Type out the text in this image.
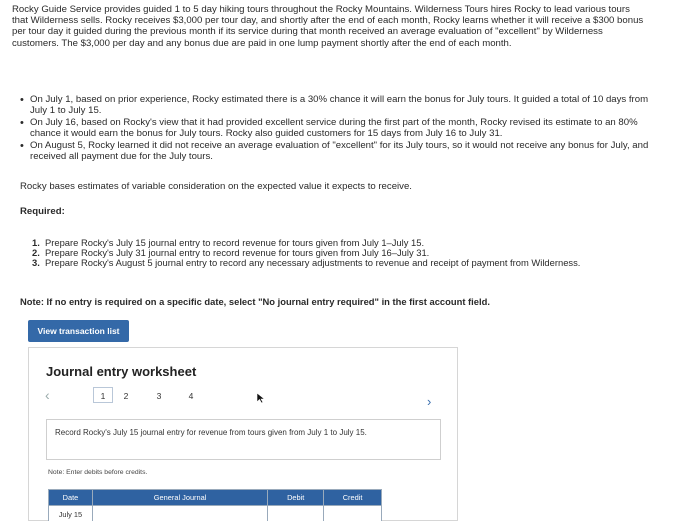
Rocky Guide Service provides guided 1 to 5 day hiking tours throughout the Rocky Mountains. Wilderness Tours hires Rocky to lead various tours that Wilderness sells. Rocky receives $3,000 per tour day, and shortly after the end of each month, Rocky learns whether it will receive a $300 bonus per tour day it guided during the previous month if its service during that month received an average evaluation of "excellent" by Wilderness customers. The $3,000 per day and any bonus due are paid in one lump payment shortly after the end of each month.
• On July 1, based on prior experience, Rocky estimated there is a 30% chance it will earn the bonus for July tours. It guided a total of 10 days from July 1 to July 15.
• On July 16, based on Rocky's view that it had provided excellent service during the first part of the month, Rocky revised its estimate to an 80% chance it would earn the bonus for July tours. Rocky also guided customers for 15 days from July 16 to July 31.
• On August 5, Rocky learned it did not receive an average evaluation of "excellent" for its July tours, so it would not receive any bonus for July, and received all payment due for the July tours.
Rocky bases estimates of variable consideration on the expected value it expects to receive.
Required:
1. Prepare Rocky's July 15 journal entry to record revenue for tours given from July 1–July 15.
2. Prepare Rocky's July 31 journal entry to record revenue for tours given from July 16–July 31.
3. Prepare Rocky's August 5 journal entry to record any necessary adjustments to revenue and receipt of payment from Wilderness.
Note: If no entry is required on a specific date, select "No journal entry required" in the first account field.
View transaction list
Journal entry worksheet
‹	1	2	3	4	›
Record Rocky's July 15 journal entry for revenue from tours given from July 1 to July 15.
Note: Enter debits before credits.
Date	General Journal	Debit	Credit
July 15			
